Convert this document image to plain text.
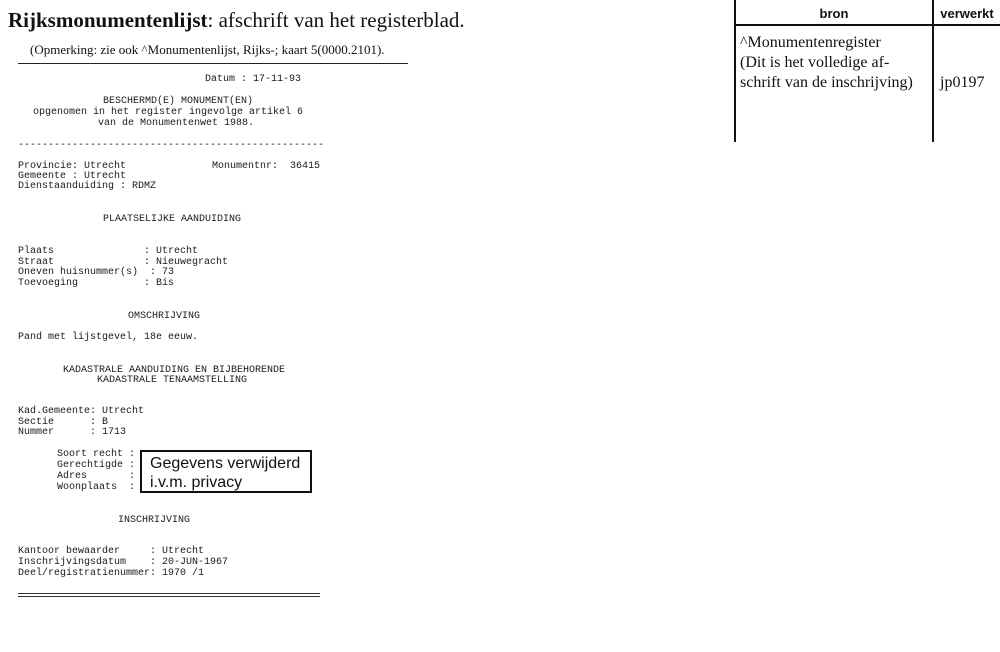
Rijksmonumentenlijst: afschrift van het registerblad.
(Opmerking: zie ook ^Monumentenlijst, Rijks-; kaart 5(0000.2101).
Datum : 17-11-93
BESCHERMD(E) MONUMENT(EN)
opgenomen in het register ingevolge artikel 6
van de Monumentenwet 1988.
---------------------------------------------------
Provincie: Utrecht	Monumentnr:  36415
Gemeente : Utrecht
Dienstaanduiding : RDMZ
PLAATSELIJKE AANDUIDING
Plaats               : Utrecht
Straat               : Nieuwegracht
Oneven huisnummer(s)  : 73
Toevoeging           : Bis
OMSCHRIJVING
Pand met lijstgevel, 18e eeuw.
KADASTRALE AANDUIDING EN BIJBEHORENDE
KADASTRALE TENAAMSTELLING
Kad.Gemeente: Utrecht
Sectie      : B
Nummer      : 1713
Soort recht :
Gerechtigde :
Adres       :
Woonplaats  :
Gegevens verwijderd
i.v.m. privacy
INSCHRIJVING
Kantoor bewaarder     : Utrecht
Inschrijvingsdatum    : 20-JUN-1967
Deel/registratienummer: 1970 /1
bron	verwerkt
^Monumentenregister
(Dit is het volledige af-
schrift van de inschrijving) jp0197
